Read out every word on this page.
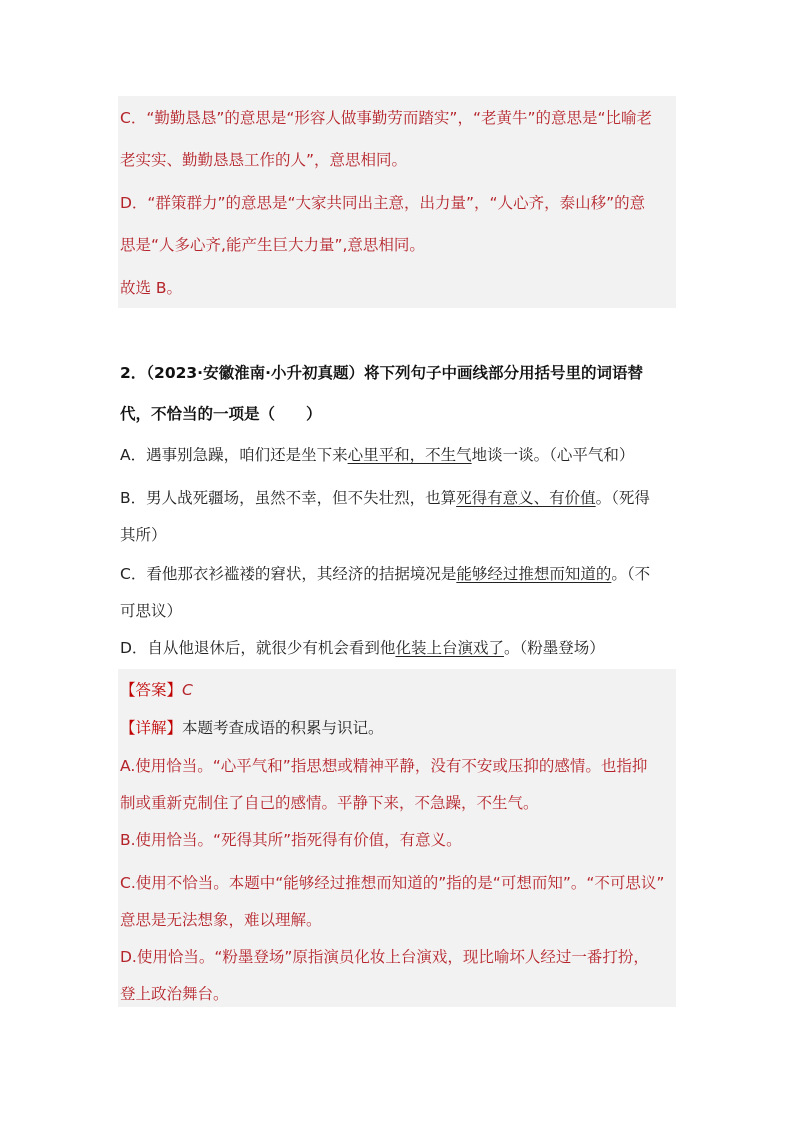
C．“勤勤恳恳”的意思是“形容人做事勤劳而踏实”，“老黄牛”的意思是“比喻老

老实实、勤勤恳恳工作的人”，意思相同。

D．“群策群力”的意思是“大家共同出主意，出力量”，“人心齐，泰山移”的意

思是“人多心齐,能产生巨大力量”,意思相同。

故选 B。

2．（2023·安徽淮南·小升初真题）将下列句子中画线部分用括号里的词语替

代，不恰当的一项是（　　）

A．遇事别急躁，咱们还是坐下来心里平和，不生气地谈一谈。（心平气和）

B．男人战死疆场，虽然不幸，但不失壮烈，也算死得有意义、有价值。（死得

其所）

C．看他那衣衫褴褛的窘状，其经济的拮据境况是能够经过推想而知道的。（不

可思议）

D．自从他退休后，就很少有机会看到他化装上台演戏了。（粉墨登场）

【答案】C

【详解】本题考查成语的积累与识记。

A.使用恰当。“心平气和”指思想或精神平静，没有不安或压抑的感情。也指抑

制或重新克制住了自己的感情。平静下来，不急躁，不生气。

B.使用恰当。“死得其所”指死得有价值，有意义。

C.使用不恰当。本题中“能够经过推想而知道的”指的是“可想而知”。“不可思议”

意思是无法想象，难以理解。

D.使用恰当。“粉墨登场”原指演员化妆上台演戏，现比喻坏人经过一番打扮，

登上政治舞台。
